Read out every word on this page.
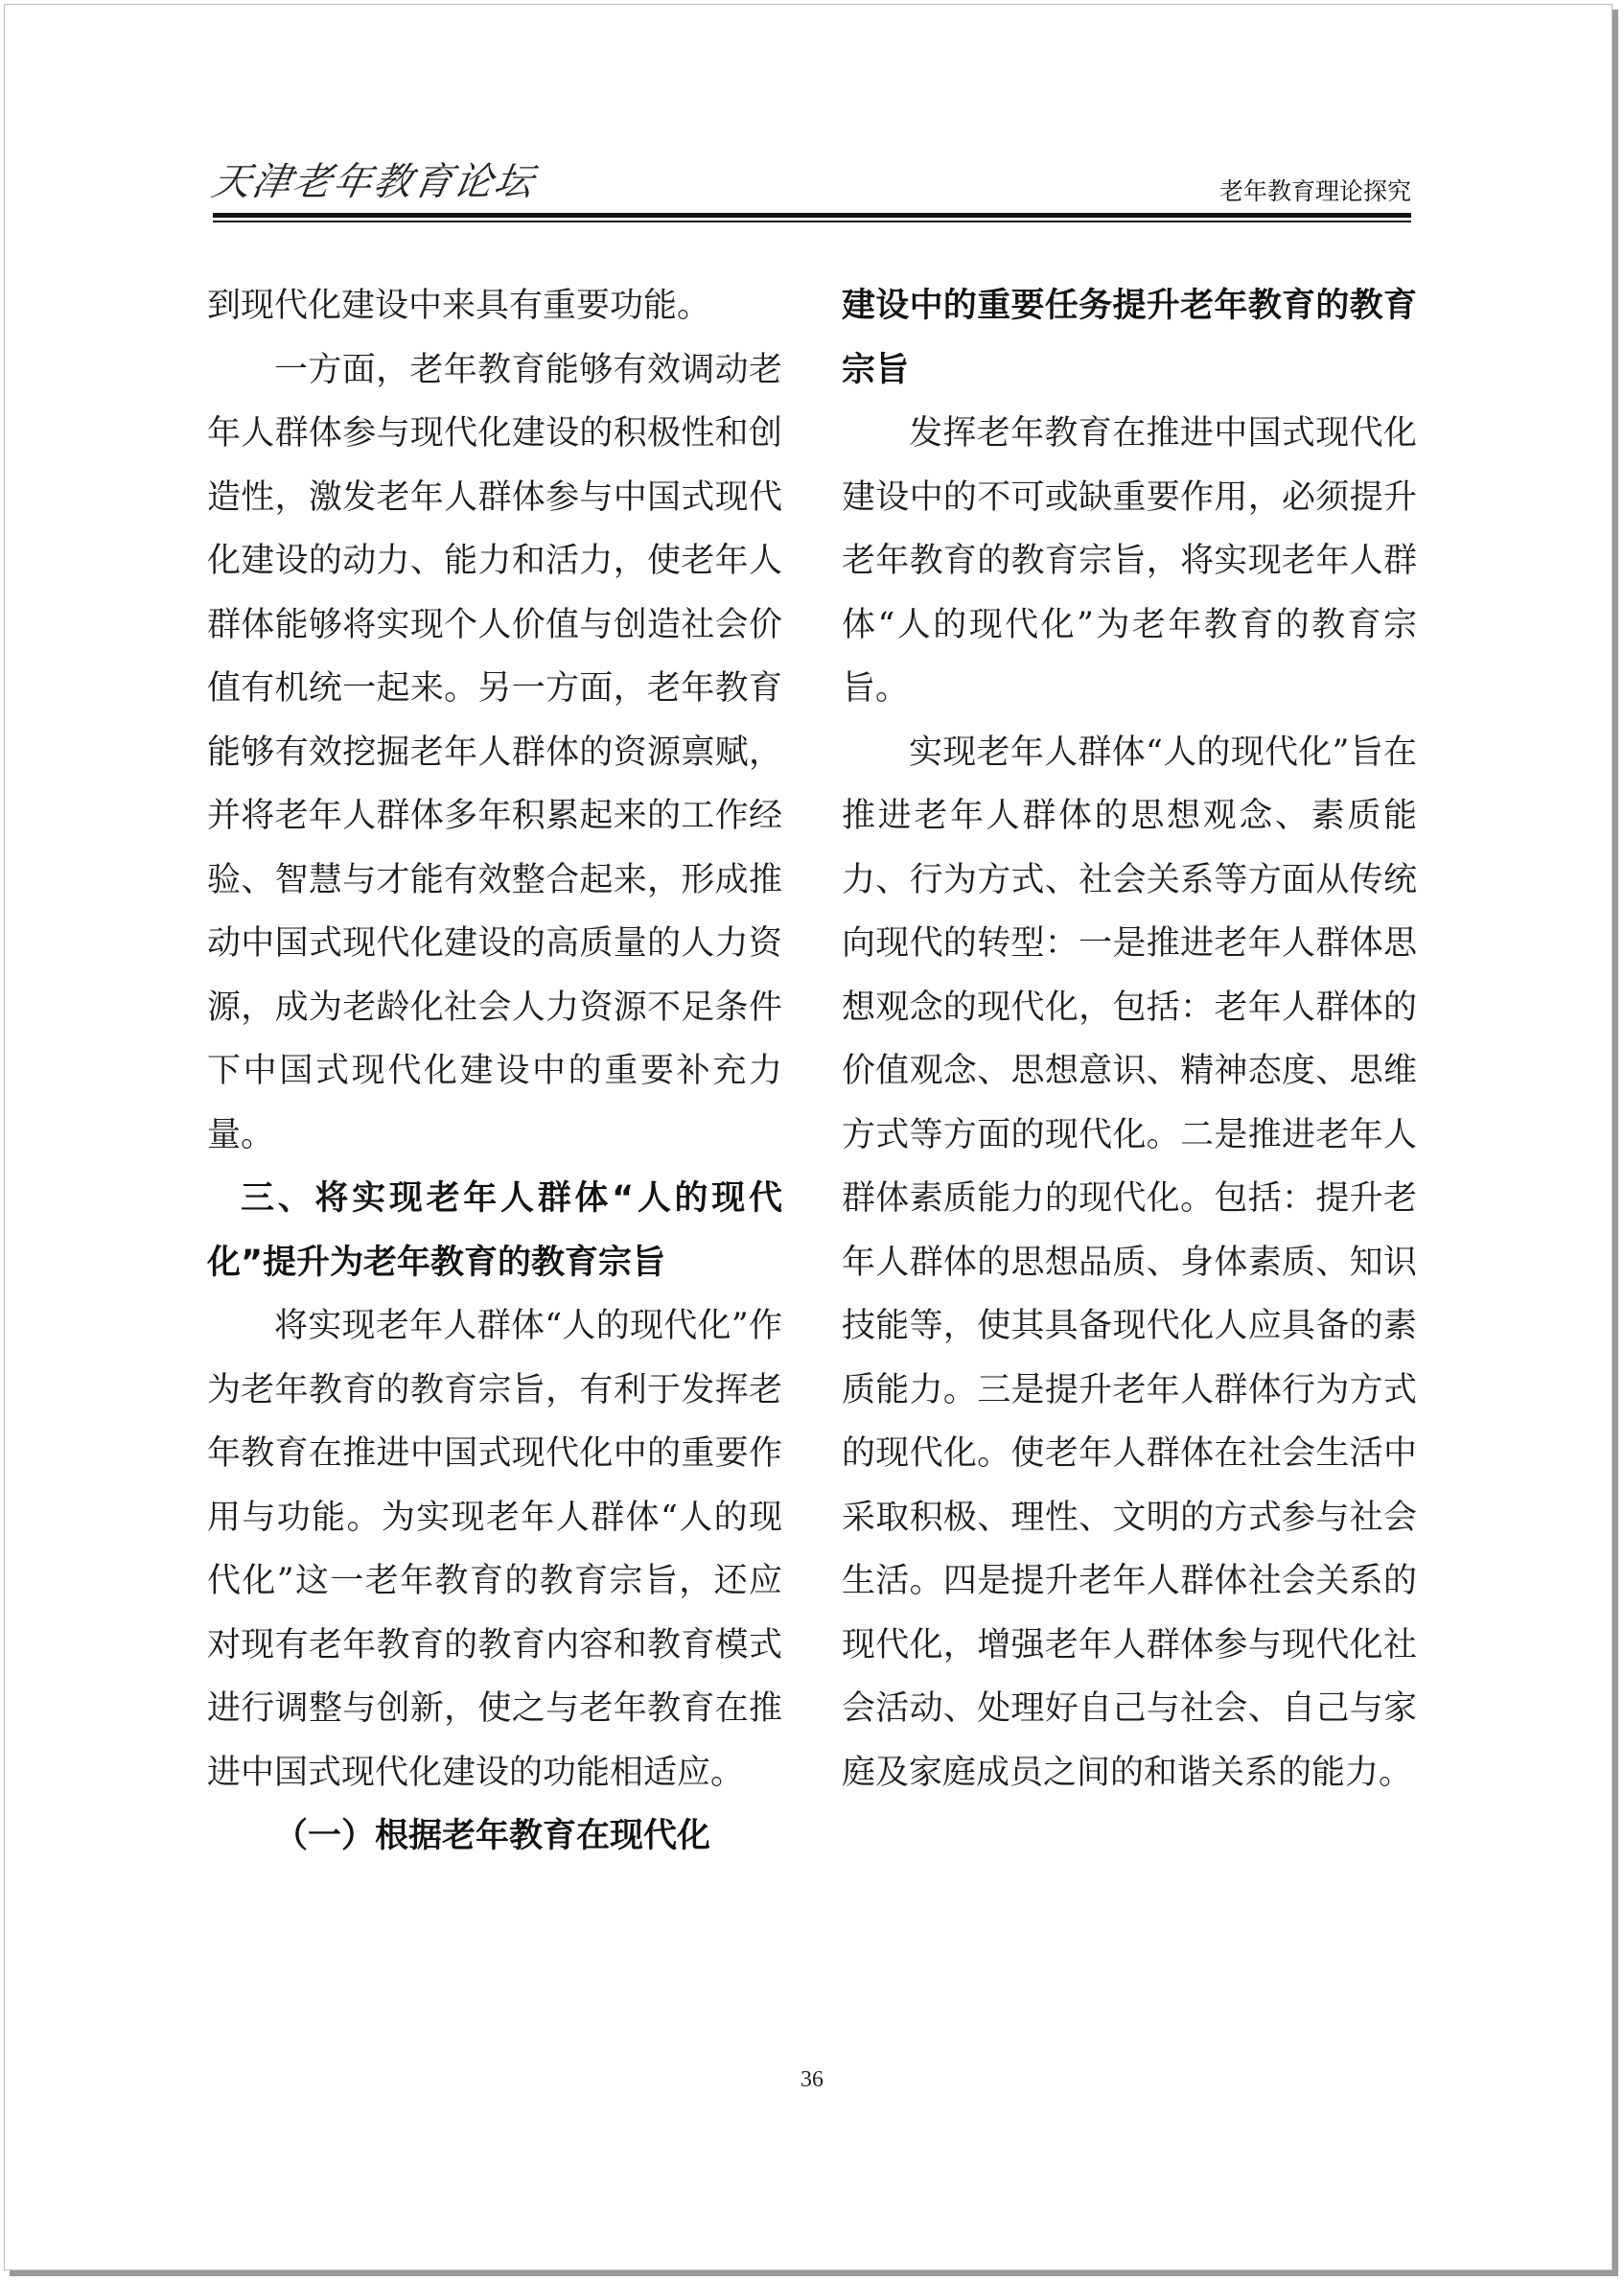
天津老年教育论坛	老年教育理论探究

到现代化建设中来具有重要功能。

一方面，老年教育能够有效调动老年人群体参与现代化建设的积极性和创造性，激发老年人群体参与中国式现代化建设的动力、能力和活力，使老年人群体能够将实现个人价值与创造社会价值有机统一起来。另一方面，老年教育能够有效挖掘老年人群体的资源禀赋，并将老年人群体多年积累起来的工作经验、智慧与才能有效整合起来，形成推动中国式现代化建设的高质量的人力资源，成为老龄化社会人力资源不足条件下中国式现代化建设中的重要补充力量。

三、将实现老年人群体“人的现代化”提升为老年教育的教育宗旨

将实现老年人群体“人的现代化”作为老年教育的教育宗旨，有利于发挥老年教育在推进中国式现代化中的重要作用与功能。为实现老年人群体“人的现代化”这一老年教育的教育宗旨，还应对现有老年教育的教育内容和教育模式进行调整与创新，使之与老年教育在推进中国式现代化建设的功能相适应。

（一）根据老年教育在现代化

建设中的重要任务提升老年教育的教育宗旨

发挥老年教育在推进中国式现代化建设中的不可或缺重要作用，必须提升老年教育的教育宗旨，将实现老年人群体“人的现代化”为老年教育的教育宗旨。

实现老年人群体“人的现代化”旨在推进老年人群体的思想观念、素质能力、行为方式、社会关系等方面从传统向现代的转型：一是推进老年人群体思想观念的现代化，包括：老年人群体的价值观念、思想意识、精神态度、思维方式等方面的现代化。二是推进老年人群体素质能力的现代化。包括：提升老年人群体的思想品质、身体素质、知识技能等，使其具备现代化人应具备的素质能力。三是提升老年人群体行为方式的现代化。使老年人群体在社会生活中采取积极、理性、文明的方式参与社会生活。四是提升老年人群体社会关系的现代化，增强老年人群体参与现代化社会活动、处理好自己与社会、自己与家庭及家庭成员之间的和谐关系的能力。

36
